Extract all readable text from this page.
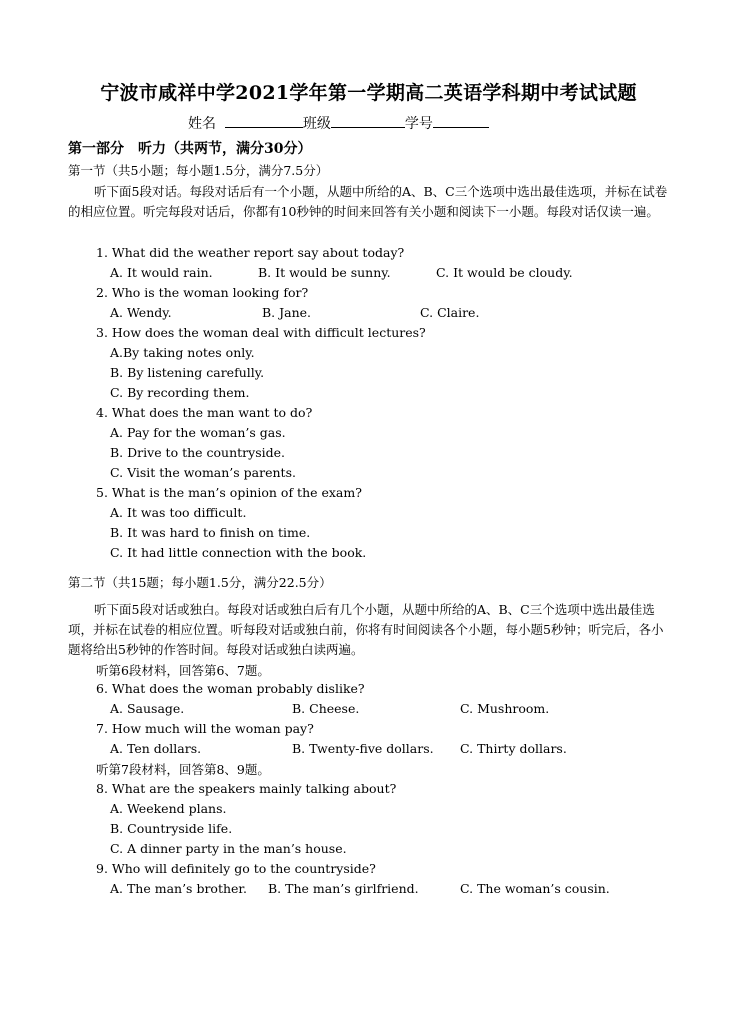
宁波市咸祥中学2021学年第一学期高二英语学科期中考试试题
姓名	班级	学号
第一部分　听力（共两节，满分30分）
第一节（共5小题；每小题1.5分，满分7.5分）
听下面5段对话。每段对话后有一个小题，从题中所给的A、B、C三个选项中选出最佳选项，并标在试卷的相应位置。听完每段对话后，你都有10秒钟的时间来回答有关小题和阅读下一小题。每段对话仅读一遍。
1. What did the weather report say about today?
A. It would rain.	B. It would be sunny.	C. It would be cloudy.
2. Who is the woman looking for?
A. Wendy.	B. Jane.	C. Claire.
3. How does the woman deal with difficult lectures?
A.By taking notes only.
B. By listening carefully.
C. By recording them.
4. What does the man want to do?
A. Pay for the woman’s gas.
B. Drive to the countryside.
C. Visit the woman’s parents.
5. What is the man’s opinion of the exam?
A. It was too difficult.
B. It was hard to finish on time.
C. It had little connection with the book.
第二节（共15题；每小题1.5分，满分22.5分）
听下面5段对话或独白。每段对话或独白后有几个小题，从题中所给的A、B、C三个选项中选出最佳选项，并标在试卷的相应位置。听每段对话或独白前，你将有时间阅读各个小题，每小题5秒钟；听完后，各小题将给出5秒钟的作答时间。每段对话或独白读两遍。
听第6段材料，回答第6、7题。
6. What does the woman probably dislike?
A. Sausage.	B. Cheese.	C. Mushroom.
7. How much will the woman pay?
A. Ten dollars.	B. Twenty-five dollars. C. Thirty dollars.
听第7段材料，回答第8、9题。
8. What are the speakers mainly talking about?
A. Weekend plans.
B. Countryside life.
C. A dinner party in the man’s house.
9. Who will definitely go to the countryside?
A. The man’s brother. B. The man’s girlfriend.	C. The woman’s cousin.
